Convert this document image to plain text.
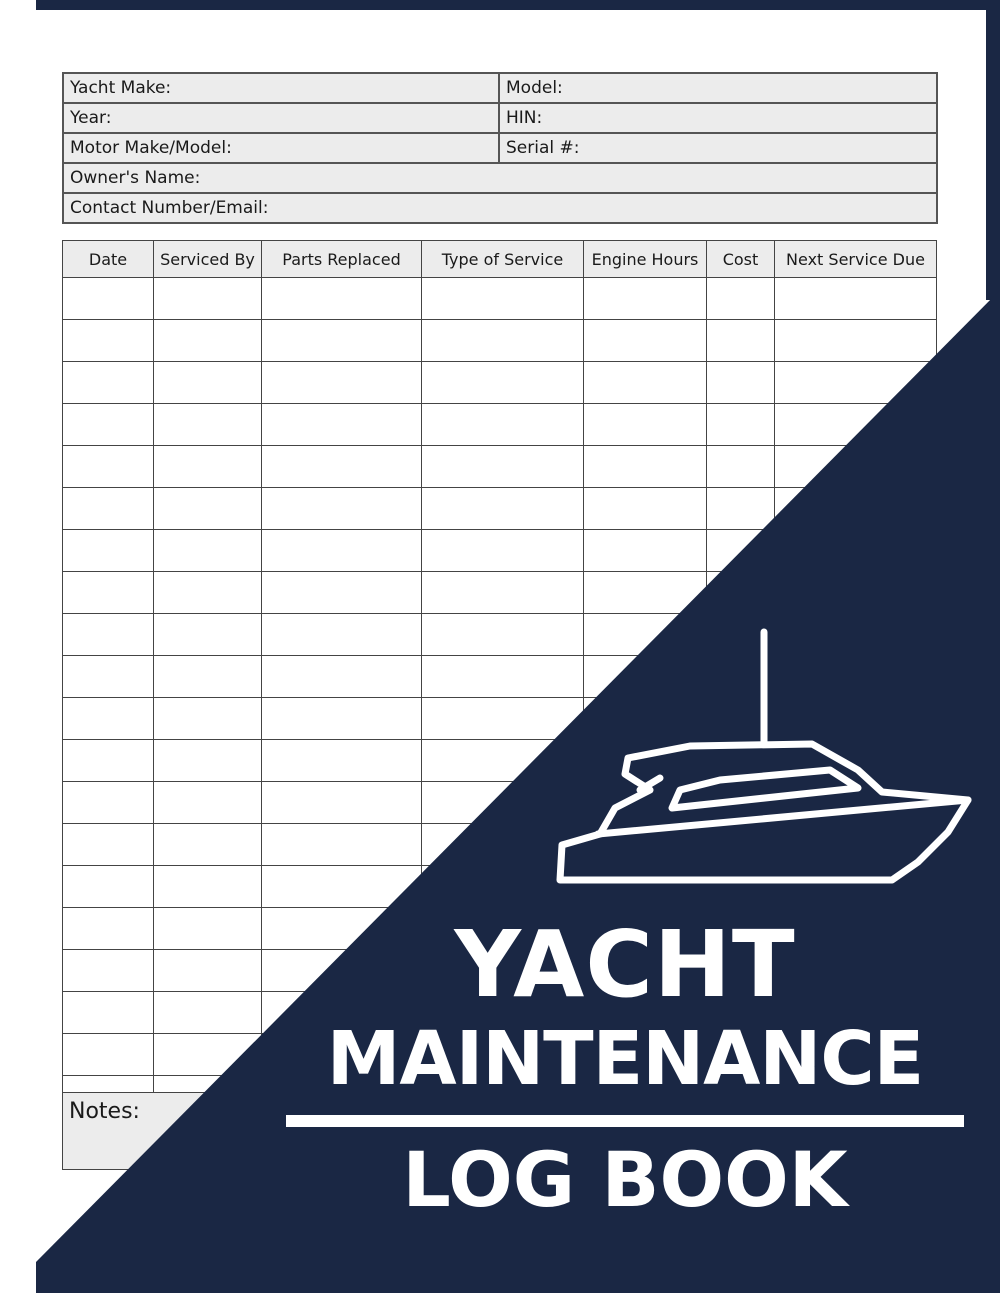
Yacht Make:	Model:
Year:	HIN:
Motor Make/Model:	Serial #:
Owner's Name:	
Contact Number/Email:	
Date	Serviced By	Parts Replaced	Type of Service	Engine Hours	Cost	Next Service Due

Notes:
YACHT
MAINTENANCE
LOG BOOK
